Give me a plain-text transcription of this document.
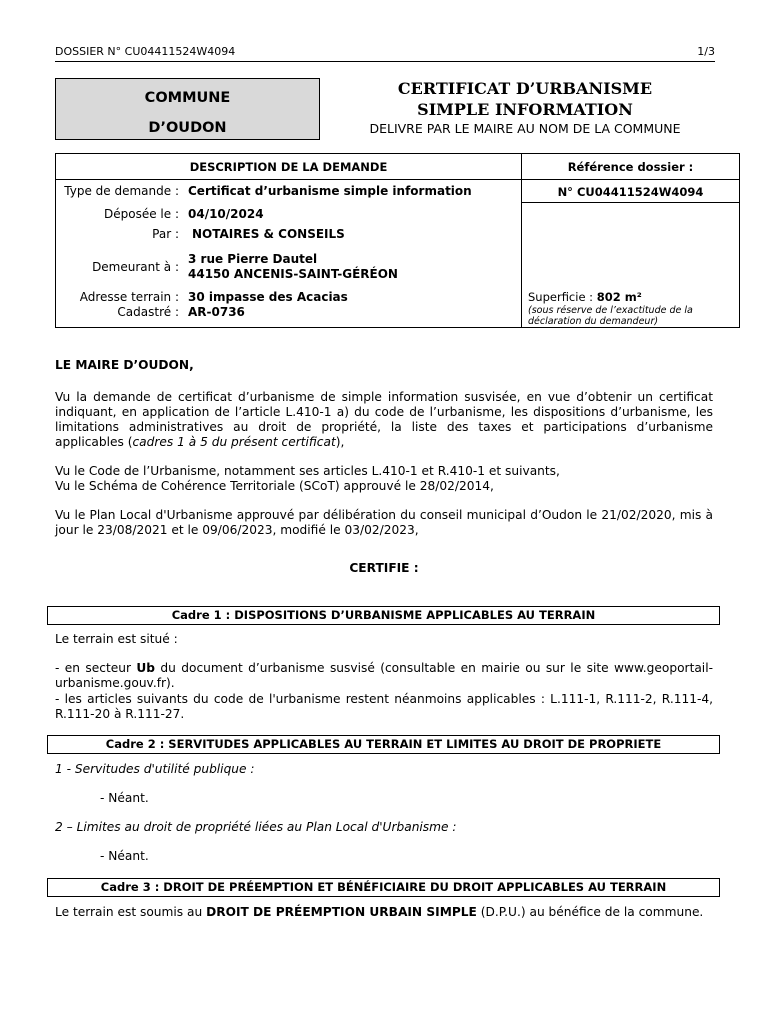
DOSSIER N° CU04411524W4094	1/3
COMMUNE
D’OUDON
CERTIFICAT D’URBANISME
SIMPLE INFORMATION
DELIVRE PAR LE MAIRE AU NOM DE LA COMMUNE
DESCRIPTION DE LA DEMANDE	Référence dossier :
N° CU04411524W4094
Type de demande : Certificat d’urbanisme simple information
Déposée le : 04/10/2024
Par : NOTAIRES & CONSEILS
Demeurant à :
3 rue Pierre Dautel
44150 ANCENIS-SAINT-GÉRÉON
Adresse terrain : 30 impasse des Acacias
Cadastré : AR-0736
Superficie : 802 m²
(sous réserve de l’exactitude de la déclaration du demandeur)
LE MAIRE D’OUDON,
Vu la demande de certificat d’urbanisme de simple information susvisée, en vue d’obtenir un certificat indiquant, en application de l’article L.410-1 a) du code de l’urbanisme, les dispositions d’urbanisme, les limitations administratives au droit de propriété, la liste des taxes et participations d’urbanisme applicables (cadres 1 à 5 du présent certificat),
Vu le Code de l’Urbanisme, notamment ses articles L.410-1 et R.410-1 et suivants,
Vu le Schéma de Cohérence Territoriale (SCoT) approuvé le 28/02/2014,
Vu le Plan Local d'Urbanisme approuvé par délibération du conseil municipal d’Oudon le 21/02/2020, mis à jour le 23/08/2021 et le 09/06/2023, modifié le 03/02/2023,
CERTIFIE :
Cadre 1 : DISPOSITIONS D’URBANISME APPLICABLES AU TERRAIN
Le terrain est situé :
- en secteur Ub du document d’urbanisme susvisé (consultable en mairie ou sur le site www.geoportail-urbanisme.gouv.fr).
- les articles suivants du code de l'urbanisme restent néanmoins applicables : L.111-1, R.111-2, R.111-4, R.111-20 à R.111-27.
Cadre 2 : SERVITUDES APPLICABLES AU TERRAIN ET LIMITES AU DROIT DE PROPRIETE
1 - Servitudes d'utilité publique :
- Néant.
2 – Limites au droit de propriété liées au Plan Local d'Urbanisme :
- Néant.
Cadre 3 : DROIT DE PRÉEMPTION ET BÉNÉFICIAIRE DU DROIT APPLICABLES AU TERRAIN
Le terrain est soumis au DROIT DE PRÉEMPTION URBAIN SIMPLE (D.P.U.) au bénéfice de la commune.
